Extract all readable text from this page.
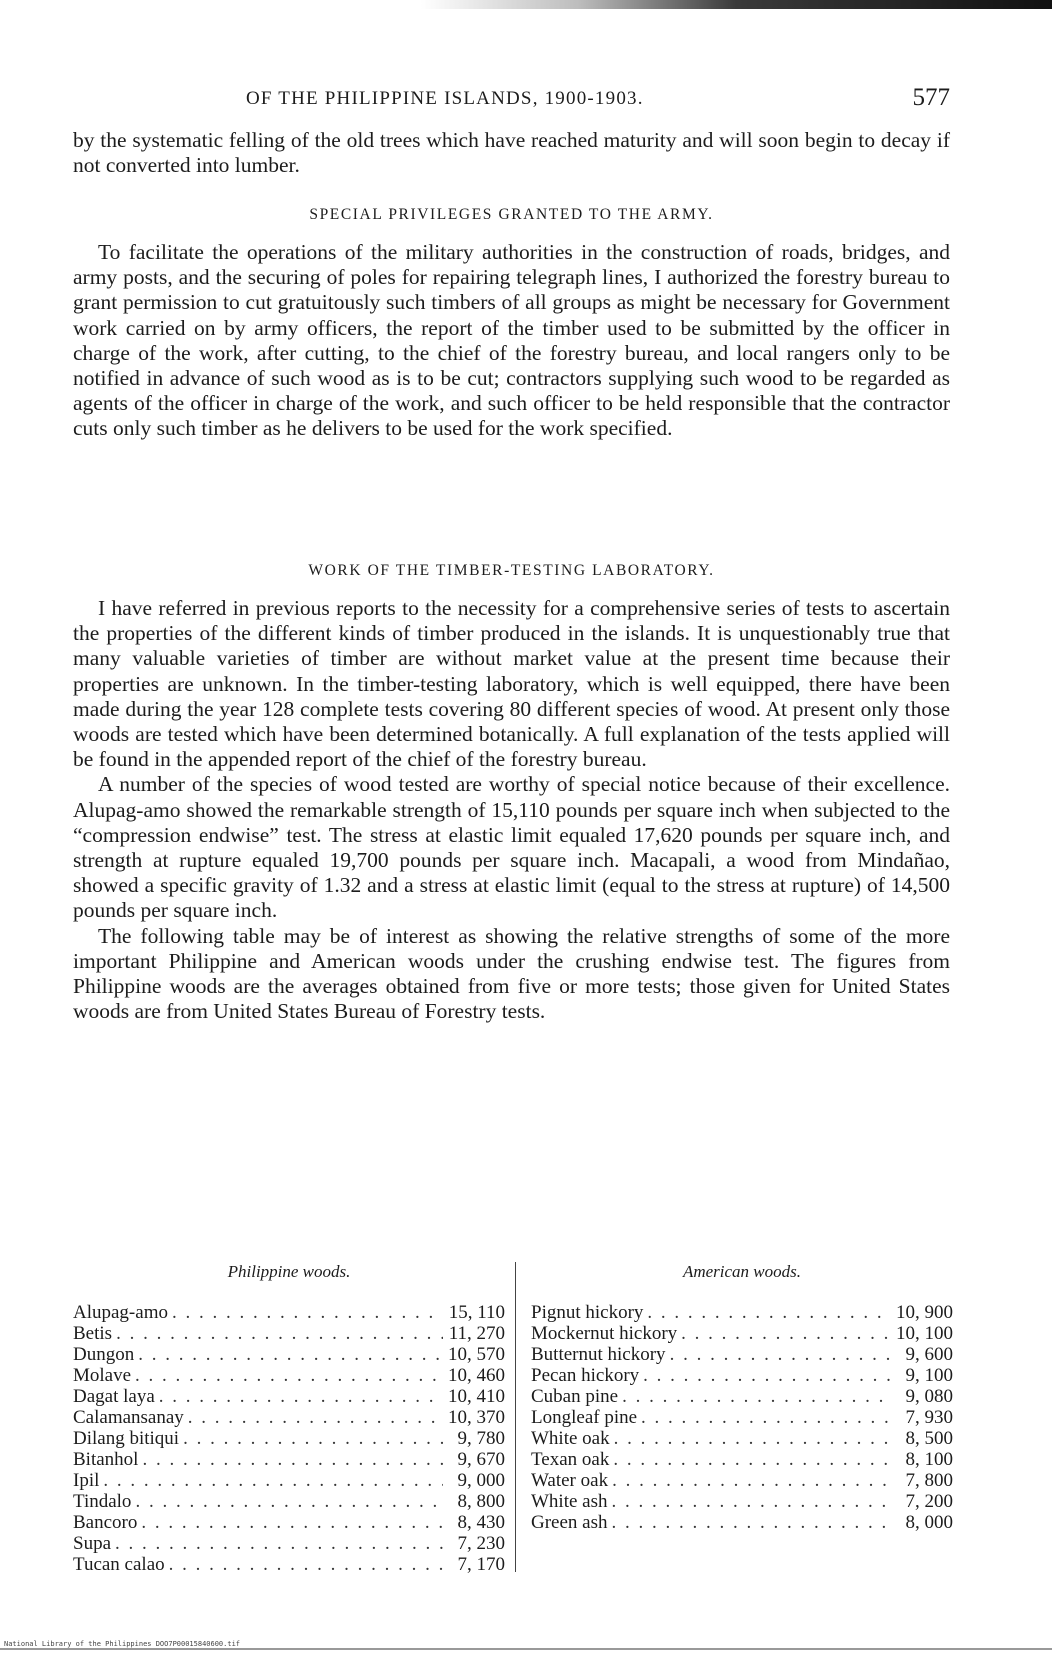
OF THE PHILIPPINE ISLANDS, 1900-1903.	577

by the systematic felling of the old trees which have reached maturity and will soon begin to decay if not converted into lumber.

SPECIAL PRIVILEGES GRANTED TO THE ARMY.

To facilitate the operations of the military authorities in the construction of roads, bridges, and army posts, and the securing of poles for repairing telegraph lines, I authorized the forestry bureau to grant permission to cut gratuitously such timbers of all groups as might be necessary for Government work carried on by army officers, the report of the timber used to be submitted by the officer in charge of the work, after cutting, to the chief of the forestry bureau, and local rangers only to be notified in advance of such wood as is to be cut; contractors supplying such wood to be regarded as agents of the officer in charge of the work, and such officer to be held responsible that the contractor cuts only such timber as he delivers to be used for the work specified.

WORK OF THE TIMBER-TESTING LABORATORY.

I have referred in previous reports to the necessity for a comprehensive series of tests to ascertain the properties of the different kinds of timber produced in the islands. It is unquestionably true that many valuable varieties of timber are without market value at the present time because their properties are unknown. In the timber-testing laboratory, which is well equipped, there have been made during the year 128 complete tests covering 80 different species of wood. At present only those woods are tested which have been determined botanically. A full explanation of the tests applied will be found in the appended report of the chief of the forestry bureau.

A number of the species of wood tested are worthy of special notice because of their excellence. Alupag-amo showed the remarkable strength of 15,110 pounds per square inch when subjected to the “compression endwise” test. The stress at elastic limit equaled 17,620 pounds per square inch, and strength at rupture equaled 19,700 pounds per square inch. Macapali, a wood from Mindañao, showed a specific gravity of 1.32 and a stress at elastic limit (equal to the stress at rupture) of 14,500 pounds per square inch.

The following table may be of interest as showing the relative strengths of some of the more important Philippine and American woods under the crushing endwise test. The figures from Philippine woods are the averages obtained from five or more tests; those given for United States woods are from United States Bureau of Forestry tests.

Philippine woods.
Alupag-amo . . .	15, 110
Betis . . .	11, 270
Dungon . . .	10, 570
Molave . . .	10, 460
Dagat laya . . .	10, 410
Calamansanay . . .	10, 370
Dilang bitiqui . . .	9, 780
Bitanhol . . .	9, 670
Ipil . . .	9, 000
Tindalo . . .	8, 800
Bancoro . . .	8, 430
Supa . . .	7, 230
Tucan calao . . .	7, 170
American woods.
Pignut hickory . . .	10, 900
Mockernut hickory . . .	10, 100
Butternut hickory . . .	9, 600
Pecan hickory . . .	9, 100
Cuban pine . . .	9, 080
Longleaf pine . . .	7, 930
White oak . . .	8, 500
Texan oak . . .	8, 100
Water oak . . .	7, 800
White ash . . .	7, 200
Green ash . . .	8, 000
National Library of the Philippines DOO7P00015840600.tif
